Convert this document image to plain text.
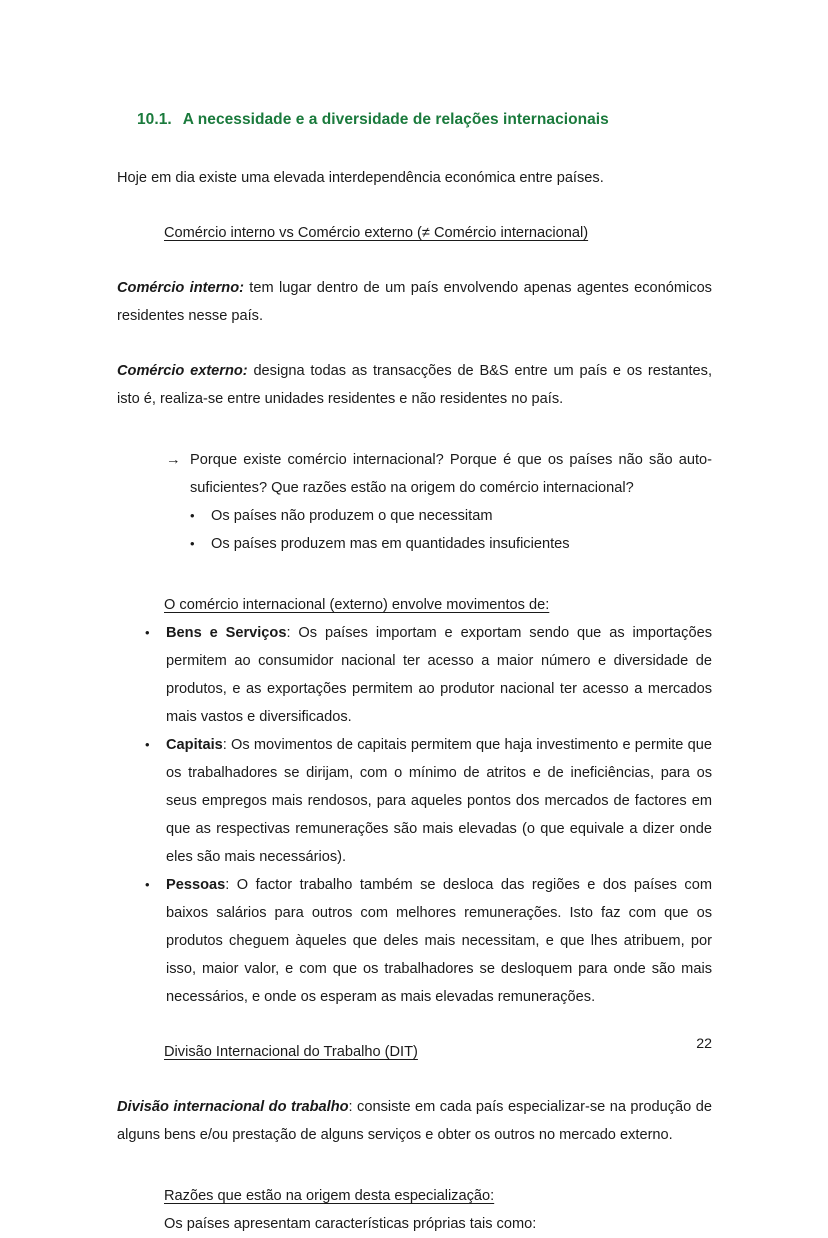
10.1. A necessidade e a diversidade de relações internacionais

Hoje em dia existe uma elevada interdependência económica entre países.

Comércio interno vs Comércio externo (≠ Comércio internacional)

Comércio interno: tem lugar dentro de um país envolvendo apenas agentes económicos residentes nesse país.

Comércio externo: designa todas as transacções de B&S entre um país e os restantes, isto é, realiza-se entre unidades residentes e não residentes no país.

→ Porque existe comércio internacional? Porque é que os países não são auto-suficientes? Que razões estão na origem do comércio internacional?
• Os países não produzem o que necessitam
• Os países produzem mas em quantidades insuficientes
O comércio internacional (externo) envolve movimentos de:
• Bens e Serviços: Os países importam e exportam sendo que as importações permitem ao consumidor nacional ter acesso a maior número e diversidade de produtos, e as exportações permitem ao produtor nacional ter acesso a mercados mais vastos e diversificados.
• Capitais: Os movimentos de capitais permitem que haja investimento e permite que os trabalhadores se dirijam, com o mínimo de atritos e de ineficiências, para os seus empregos mais rendosos, para aqueles pontos dos mercados de factores em que as respectivas remunerações são mais elevadas (o que equivale a dizer onde eles são mais necessários).
• Pessoas: O factor trabalho também se desloca das regiões e dos países com baixos salários para outros com melhores remunerações. Isto faz com que os produtos cheguem àqueles que deles mais necessitam, e que lhes atribuem, por isso, maior valor, e com que os trabalhadores se desloquem para onde são mais necessários, e onde os esperam as mais elevadas remunerações.
Divisão Internacional do Trabalho (DIT)

Divisão internacional do trabalho: consiste em cada país especializar-se na produção de alguns bens e/ou prestação de alguns serviços e obter os outros no mercado externo.

Razões que estão na origem desta especialização:
Os países apresentam características próprias tais como:
22
